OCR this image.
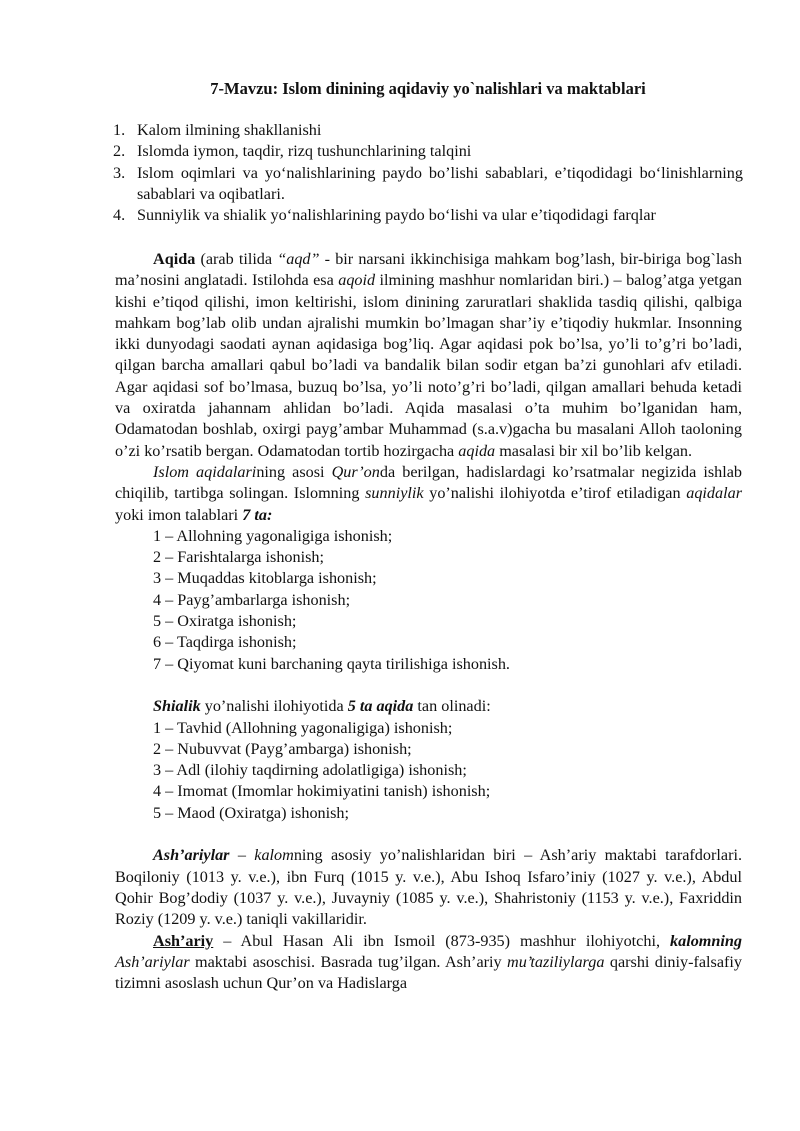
7-Mavzu: Islom dinining aqidaviy yo`nalishlari va maktablari
1. Kalom ilmining shakllanishi
2. Islomda iymon, taqdir, rizq tushunchlarining talqini
3. Islom oqimlari va yo‘nalishlarining paydo bo’lishi sabablari, e’tiqodidagi bo‘linishlarning sabablari va oqibatlari.
4. Sunniylik va shialik yo‘nalishlarining paydo bo‘lishi va ular e’tiqodidagi farqlar

Aqida (arab tilida “aqd” - bir narsani ikkinchisiga mahkam bog’lash, bir-biriga bog`lash ma’nosini anglatadi. Istilohda esa aqoid ilmining mashhur nomlaridan biri.) – balog’atga yetgan kishi e’tiqod qilishi, imon keltirishi, islom dinining zaruratlari shaklida tasdiq qilishi, qalbiga mahkam bog’lab olib undan ajralishi mumkin bo’lmagan shar’iy e’tiqodiy hukmlar. Insonning ikki dunyodagi saodati aynan aqidasiga bog’liq. Agar aqidasi pok bo’lsa, yo’li to’g’ri bo’ladi, qilgan barcha amallari qabul bo’ladi va bandalik bilan sodir etgan ba’zi gunohlari afv etiladi. Agar aqidasi sof bo’lmasa, buzuq bo’lsa, yo’li noto’g’ri bo’ladi, qilgan amallari behuda ketadi va oxiratda jahannam ahlidan bo’ladi. Aqida masalasi o’ta muhim bo’lganidan ham, Odamatodan boshlab, oxirgi payg’ambar Muhammad (s.a.v)gacha bu masalani Alloh taoloning o’zi ko’rsatib bergan. Odamatodan tortib hozirgacha aqida masalasi bir xil bo’lib kelgan.

Islom aqidalarining asosi Qur’onda berilgan, hadislardagi ko’rsatmalar negizida ishlab chiqilib, tartibga solingan. Islomning sunniylik yo’nalishi ilohiyotda e’tirof etiladigan aqidalar yoki imon talablari 7 ta:

1 – Allohning yagonaligiga ishonish;
2 – Farishtalarga ishonish;
3 – Muqaddas kitoblarga ishonish;
4 – Payg’ambarlarga ishonish;
5 – Oxiratga ishonish;
6 – Taqdirga ishonish;
7 – Qiyomat kuni barchaning qayta tirilishiga ishonish.

Shialik yo’nalishi ilohiyotida 5 ta aqida tan olinadi:

1 – Tavhid (Allohning yagonaligiga) ishonish;
2 – Nubuvvat (Payg’ambarga) ishonish;
3 – Adl (ilohiy taqdirning adolatligiga) ishonish;
4 – Imomat (Imomlar hokimiyatini tanish) ishonish;
5 – Maod (Oxiratga) ishonish;

Ash’ariylar – kalomning asosiy yo’nalishlaridan biri – Ash’ariy maktabi tarafdorlari. Boqiloniy (1013 y. v.e.), ibn Furq (1015 y. v.e.), Abu Ishoq Isfaro’iniy (1027 y. v.e.), Abdul Qohir Bog’dodiy (1037 y. v.e.), Juvayniy (1085 y. v.e.), Shahristoniy (1153 y. v.e.), Faxriddin Roziy (1209 y. v.e.) taniqli vakillaridir.

Ash’ariy – Abul Hasan Ali ibn Ismoil (873-935) mashhur ilohiyotchi, kalomning Ash’ariylar maktabi asoschisi. Basrada tug’ilgan. Ash’ariy mu’taziliylarga qarshi diniy-falsafiy tizimni asoslash uchun Qur’on va Hadislarga
